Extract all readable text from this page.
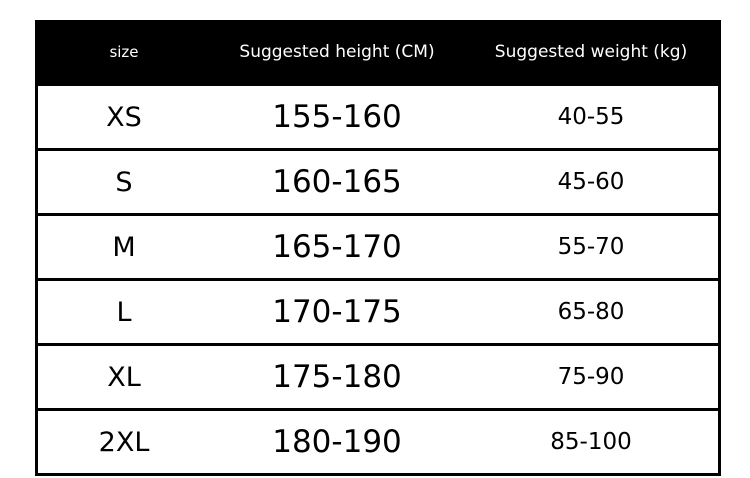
size	Suggested height (CM)	Suggested weight (kg)
XS	155-160	40-55
S	160-165	45-60
M	165-170	55-70
L	170-175	65-80
XL	175-180	75-90
2XL	180-190	85-100
